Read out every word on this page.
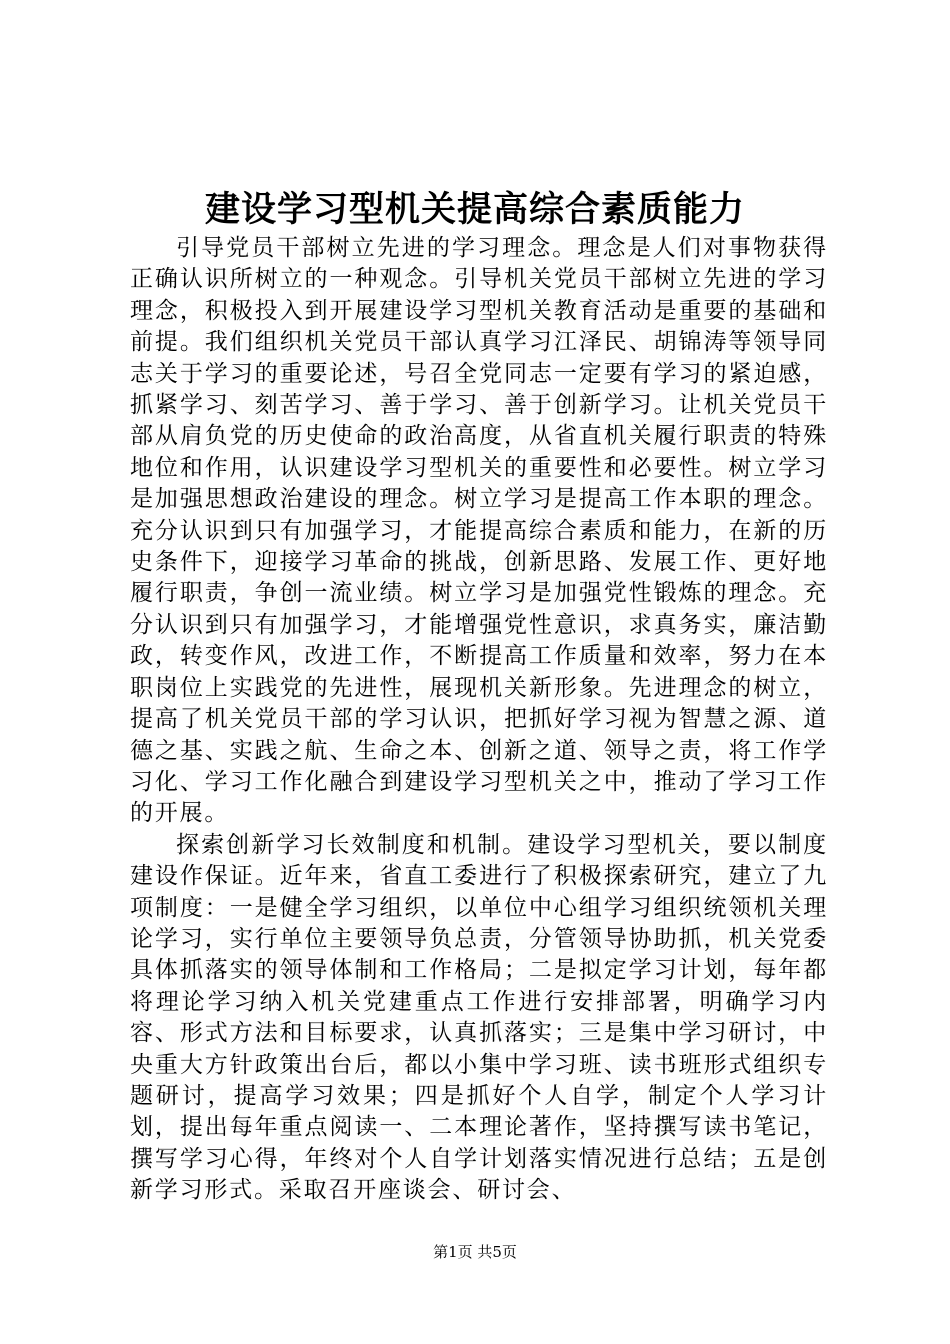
建设学习型机关提高综合素质能力

引导党员干部树立先进的学习理念。理念是人们对事物获得正确认识所树立的一种观念。引导机关党员干部树立先进的学习理念，积极投入到开展建设学习型机关教育活动是重要的基础和前提。我们组织机关党员干部认真学习江泽民、胡锦涛等领导同志关于学习的重要论述，号召全党同志一定要有学习的紧迫感，抓紧学习、刻苦学习、善于学习、善于创新学习。让机关党员干部从肩负党的历史使命的政治高度，从省直机关履行职责的特殊地位和作用，认识建设学习型机关的重要性和必要性。树立学习是加强思想政治建设的理念。树立学习是提高工作本职的理念。充分认识到只有加强学习，才能提高综合素质和能力，在新的历史条件下，迎接学习革命的挑战，创新思路、发展工作、更好地履行职责，争创一流业绩。树立学习是加强党性锻炼的理念。充分认识到只有加强学习，才能增强党性意识，求真务实，廉洁勤政，转变作风，改进工作，不断提高工作质量和效率，努力在本职岗位上实践党的先进性，展现机关新形象。先进理念的树立，提高了机关党员干部的学习认识，把抓好学习视为智慧之源、道德之基、实践之航、生命之本、创新之道、领导之责，将工作学习化、学习工作化融合到建设学习型机关之中，推动了学习工作的开展。

探索创新学习长效制度和机制。建设学习型机关，要以制度建设作保证。近年来，省直工委进行了积极探索研究，建立了九项制度：一是健全学习组织，以单位中心组学习组织统领机关理论学习，实行单位主要领导负总责，分管领导协助抓，机关党委具体抓落实的领导体制和工作格局；二是拟定学习计划，每年都将理论学习纳入机关党建重点工作进行安排部署，明确学习内容、形式方法和目标要求，认真抓落实；三是集中学习研讨，中央重大方针政策出台后，都以小集中学习班、读书班形式组织专题研讨，提高学习效果；四是抓好个人自学，制定个人学习计划，提出每年重点阅读一、二本理论著作，坚持撰写读书笔记，撰写学习心得，年终对个人自学计划落实情况进行总结；五是创新学习形式。采取召开座谈会、研讨会、

第1页 共5页
